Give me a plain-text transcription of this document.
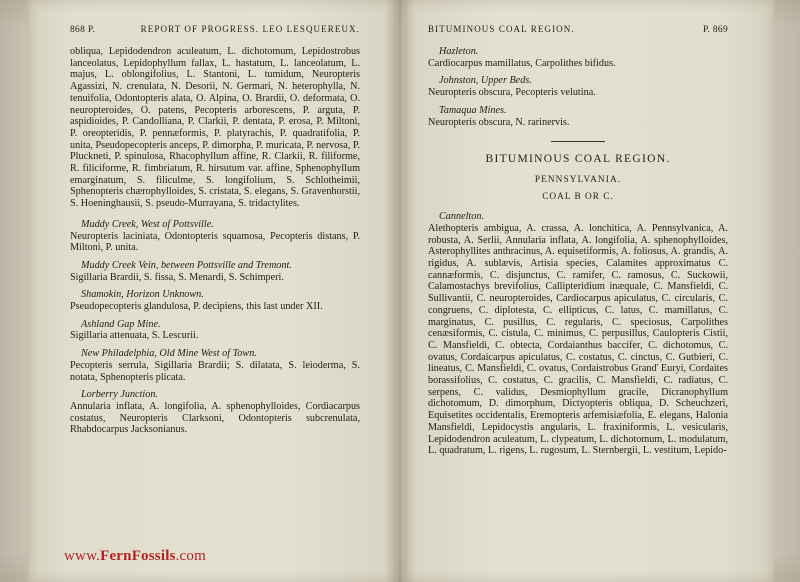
868 P.	REPORT OF PROGRESS. LEO LESQUEREUX.

obliqua, Lepidodendron aculeatum, L. dichotomum, Lepidostrobus lanceolatus, Lepidophyllum fallax, L. hastatum, L. lanceolatum, L. majus, L. oblongifolius, L. Stantoni, L. tumidum, Neuropteris Agassizi, N. crenulata, N. Desorii, N. Germari, N. heterophylla, N. tenuifolia, Odontopteris alata, O. Alpina, O. Brardii, O. deformata, O. neuropteroides, O. patens, Pecopteris arborescens, P. arguta, P. aspidioides, P. Candolliana, P. Clarkii, P. dentata, P. erosa, P. Miltoni, P. oreopteridis, P. pennæformis, P. platyrachis, P. quadratifolia, P. unita, Pseudopecopteris anceps, P. dimorpha, P. muricata, P. nervosa, P. Pluckneti, P. spinulosa, Rhacophyllum affine, R. Clarkii, R. filiforme, R. filiciforme, R. fimbriatum, R. hirsutum var. affine, Sphenophyllum emarginatum, S. filiculme, S. longifolium, S. Schlotheimii, Sphenopteris chærophylloides, S. cristata, S. elegans, S. Gravenhorstii, S. Hoeninghausii, S. pseudo-Murrayana, S. tridactylites.

Muddy Creek, West of Pottsville.

Neuropteris laciniata, Odontopteris squamosa, Pecopteris distans, P. Miltoni, P. unita.

Muddy Creek Vein, between Pottsville and Tremont.

Sigillaria Brardii, S. fissa, S. Menardi, S. Schimperi.

Shamokin, Horizon Unknown.

Pseudopecopteris glandulosa, P. decipiens, this last under XII.

Ashland Gap Mine.

Sigillaria attenuata, S. Lescurii.

New Philadelphia, Old Mine West of Town.

Pecopteris serrula, Sigillaria Brardii; S. dilatata, S. leioderma, S. notata, Sphenopteris plicata.

Lorberry Junction.

Annularia inflata, A. longifolia, A. sphenophylloides, Cordiacarpus costatus, Neuropteris Clarksoni, Odontopteris subcrenulata, Rhabdocarpus Jacksonianus.

BITUMINOUS COAL REGION.	P. 869

Hazleton.

Cardiocarpus mamillatus, Carpolithes bifidus.

Johnston, Upper Beds.

Neuropteris obscura, Pecopteris velutina.

Tamaqua Mines.

Neuropteris obscura, N. rarinervis.

BITUMINOUS COAL REGION.

PENNSYLVANIA.

COAL B OR C.

Cannelton.

Alethopteris ambigua, A. crassa, A. lonchitica, A. Pennsylvanica, A. robusta, A. Serlii, Annularia inflata, A. longifolia, A. sphenophylloides, Asterophyllites anthracinus, A. equisetiformis, A. foliosus, A. grandis, A. rigidus, A. sublævis, Artisia species, Calamites approximatus C. cannæformis, C. disjunctus, C. ramifer, C. ramosus, C. Suckowii, Calamostachys brevifolius, Callipteridium inæquale, C. Mansfieldi, C. Sullivantii, C. neuropteroides, Cardiocarpus apiculatus, C. circularis, C. congruens, C. diplotesta, C. ellipticus, C. latus, C. mamillatus, C. marginatus, C. pusillus, C. regularis, C. speciosus, Carpolithes cenæsiformis, C. cistula, C. minimus, C. perpusillus, Caulopteris Cistii, C. Mansfieldi, C. obtecta, Cordaianthus baccifer, C. dichotomus, C. ovatus, Cordaicarpus apiculatus, C. costatus, C. cinctus, C. Gutbieri, C. lineatus, C. Mansfieldi, C. ovatus, Cordaistrobus Granď Euryi, Cordaites borassifolius, C. costatus, C. gracilis, C. Mansfieldi, C. radiatus, C. serpens, C. validus, Desmiophyllum gracile, Dicranophyllum dichotomum, D. dimorphum, Dictyopteris obliqua, D. Scheuchzeri, Equisetites occidentalis, Eremopteris arfemisiæfolia, E. elegans, Halonia Mansfieldi, Lepidocystis angularis, L. fraxiniformis, L. vesicularis, Lepidodendron aculeatum, L. clypeatum, L. dichotomum, L. modulatum, L. quadratum, L. rigens, L. rugosum, L. Sternbergii, L. vestitum, Lepido-

www.FernFossils.com
